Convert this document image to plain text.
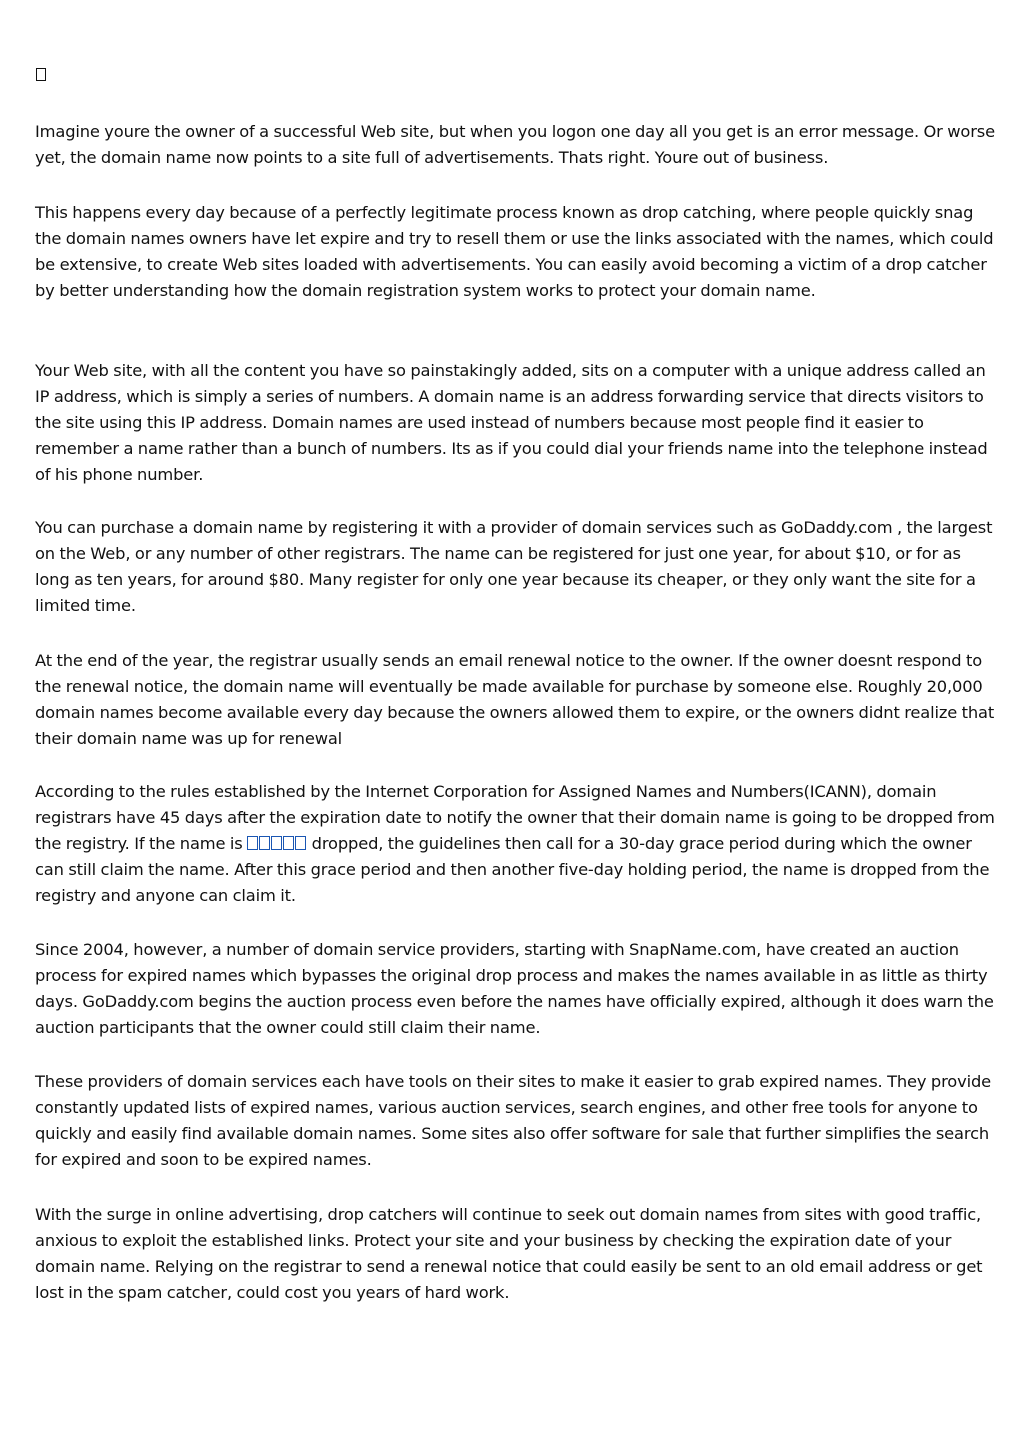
Imagine youre the owner of a successful Web site, but when you logon one day all you get is an error message. Or worse yet, the domain name now points to a site full of advertisements. Thats right. Youre out of business.

This happens every day because of a perfectly legitimate process known as drop catching, where people quickly snag the domain names owners have let expire and try to resell them or use the links associated with the names, which could be extensive, to create Web sites loaded with advertisements. You can easily avoid becoming a victim of a drop catcher by better understanding how the domain registration system works to protect your domain name.

Your Web site, with all the content you have so painstakingly added, sits on a computer with a unique address called an IP address, which is simply a series of numbers. A domain name is an address forwarding service that directs visitors to the site using this IP address. Domain names are used instead of numbers because most people find it easier to remember a name rather than a bunch of numbers. Its as if you could dial your friends name into the telephone instead of his phone number.

You can purchase a domain name by registering it with a provider of domain services such as GoDaddy.com , the largest on the Web, or any number of other registrars. The name can be registered for just one year, for about $10, or for as long as ten years, for around $80. Many register for only one year because its cheaper, or they only want the site for a limited time.

At the end of the year, the registrar usually sends an email renewal notice to the owner. If the owner doesnt respond to the renewal notice, the domain name will eventually be made available for purchase by someone else. Roughly 20,000 domain names become available every day because the owners allowed them to expire, or the owners didnt realize that their domain name was up for renewal

According to the rules established by the Internet Corporation for Assigned Names and Numbers(ICANN), domain registrars have 45 days after the expiration date to notify the owner that their domain name is going to be dropped from the registry. If the name is	dropped, the guidelines then call for a 30-day grace period during which the owner can still claim the name. After this grace period and then another five-day holding period, the name is dropped from the registry and anyone can claim it.

Since 2004, however, a number of domain service providers, starting with SnapName.com, have created an auction process for expired names which bypasses the original drop process and makes the names available in as little as thirty days. GoDaddy.com begins the auction process even before the names have officially expired, although it does warn the auction participants that the owner could still claim their name.

These providers of domain services each have tools on their sites to make it easier to grab expired names. They provide constantly updated lists of expired names, various auction services, search engines, and other free tools for anyone to quickly and easily find available domain names. Some sites also offer software for sale that further simplifies the search for expired and soon to be expired names.

With the surge in online advertising, drop catchers will continue to seek out domain names from sites with good traffic, anxious to exploit the established links. Protect your site and your business by checking the expiration date of your domain name. Relying on the registrar to send a renewal notice that could easily be sent to an old email address or get lost in the spam catcher, could cost you years of hard work.
